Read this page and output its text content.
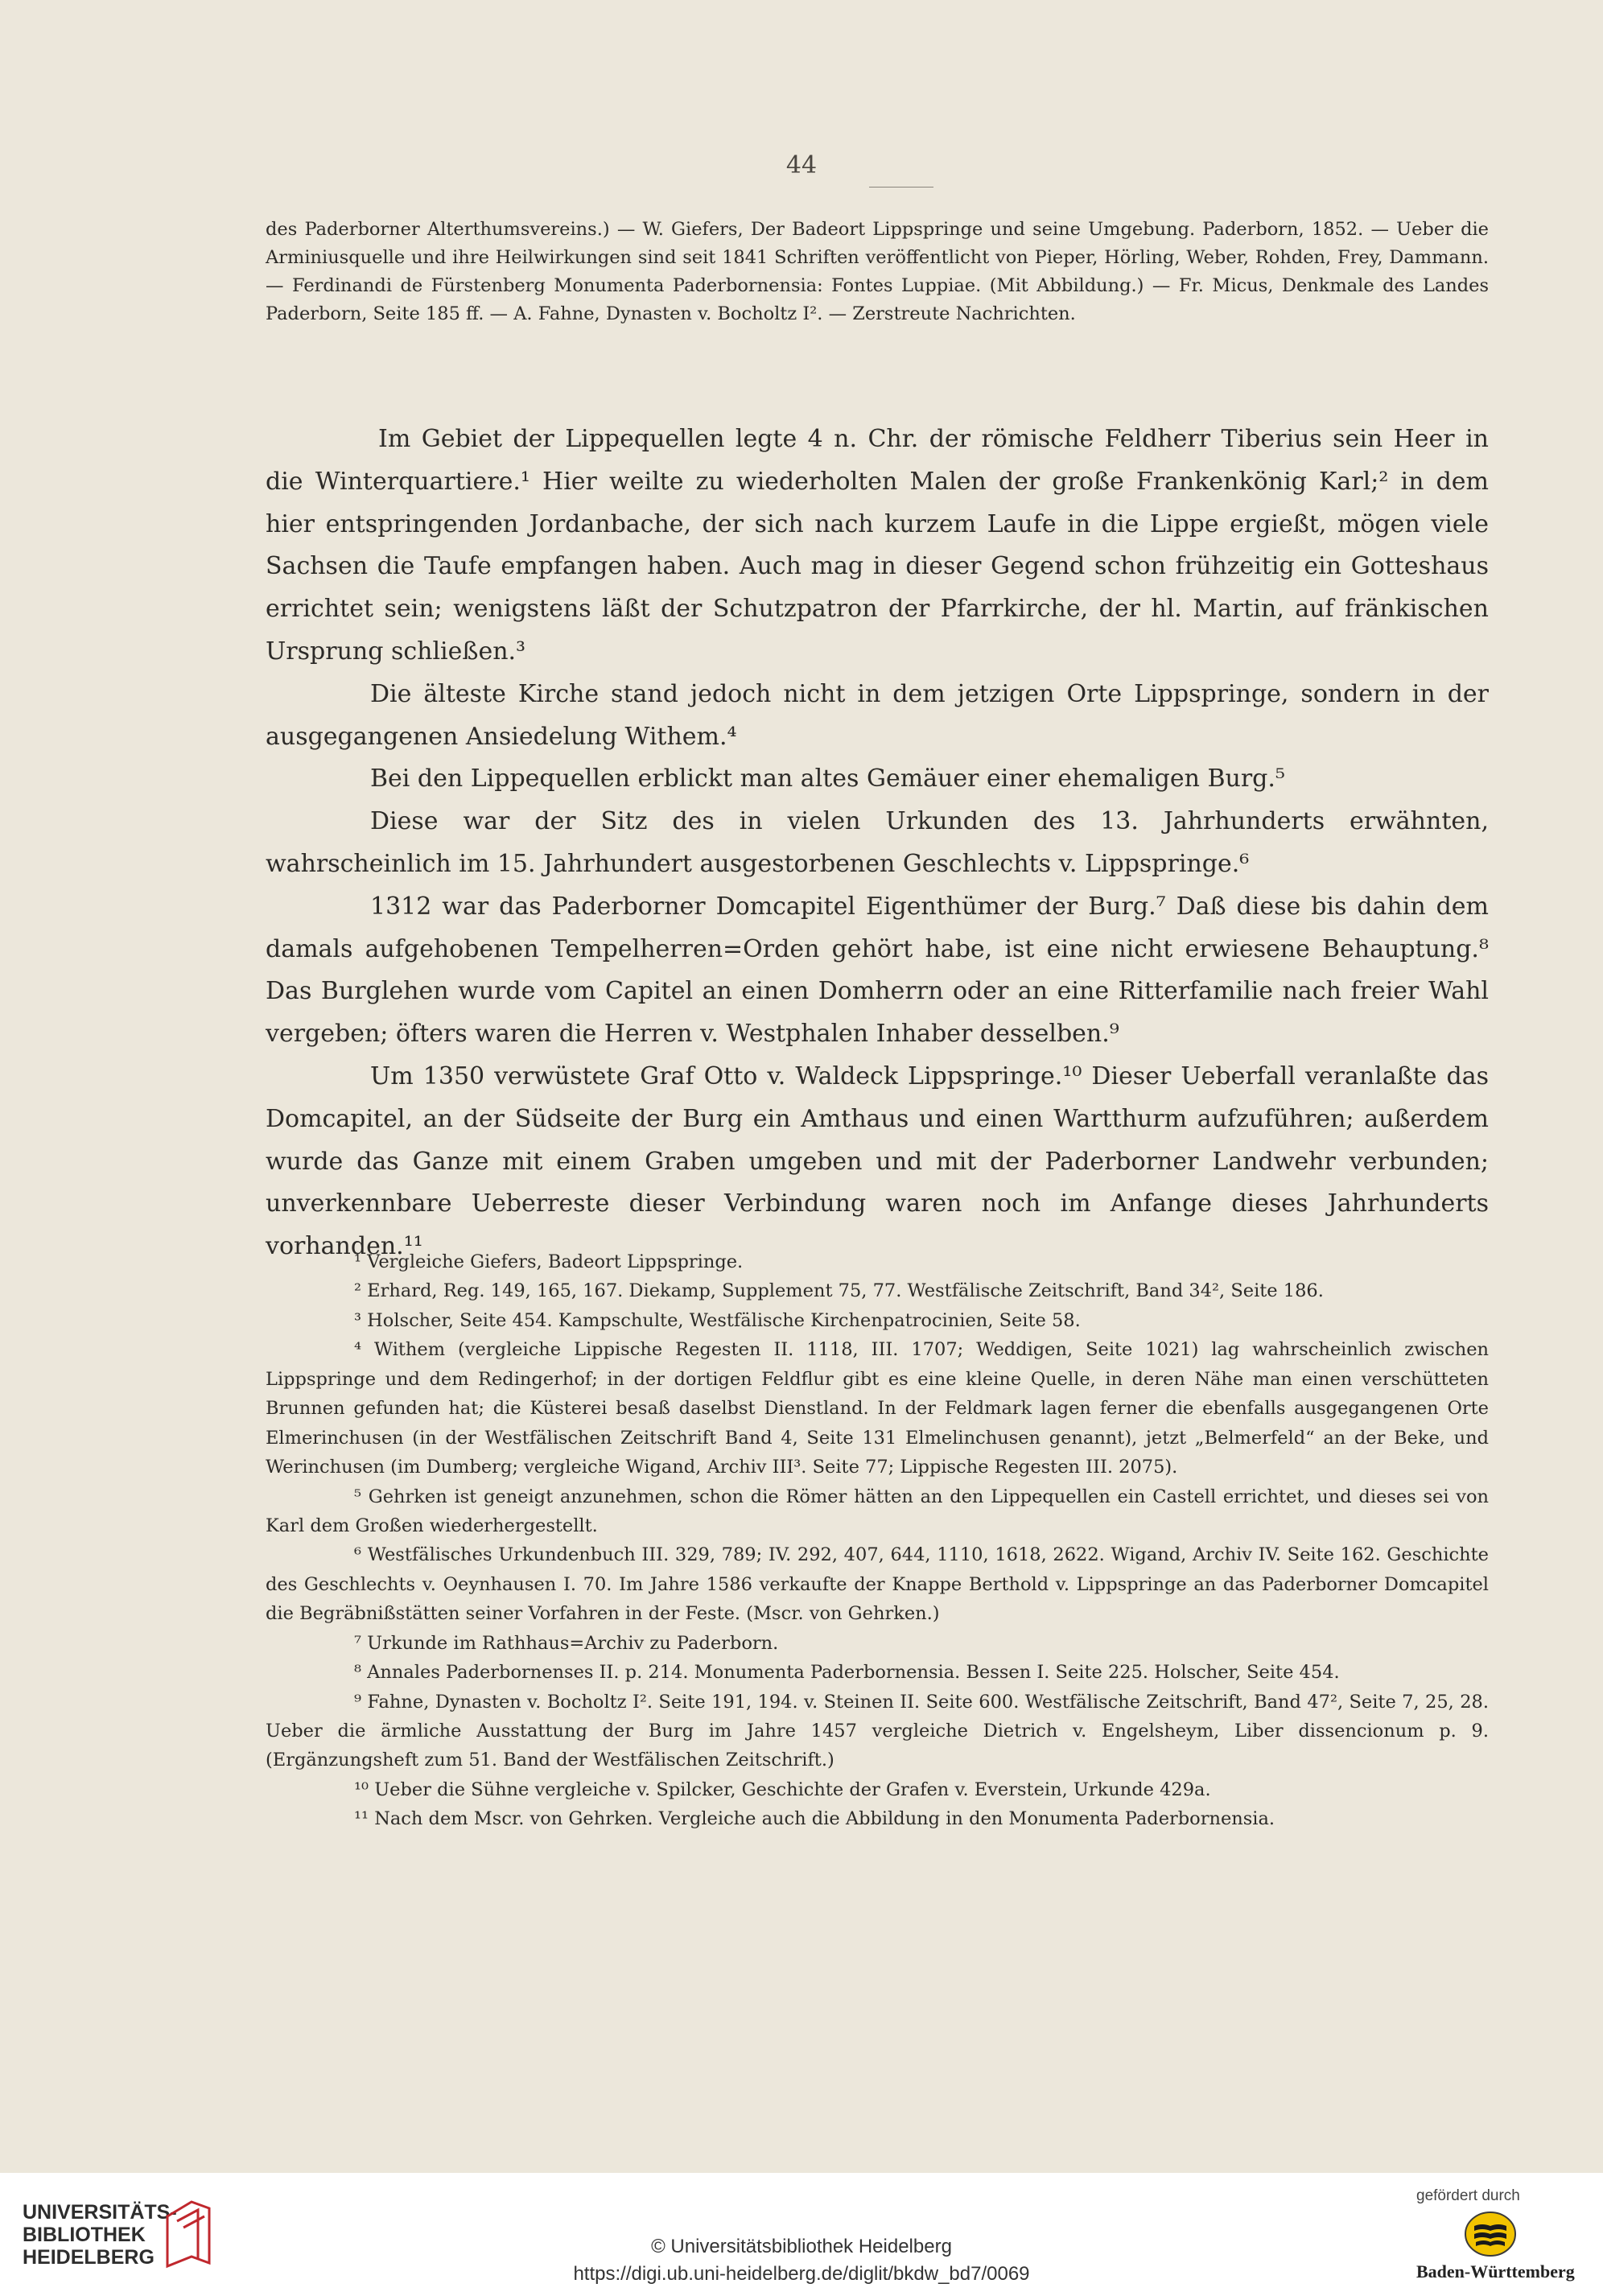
44

des Paderborner Alterthumsvereins.) — W. Giefers, Der Badeort Lippspringe und seine Umgebung. Paderborn, 1852. — Ueber die Arminiusquelle und ihre Heilwirkungen sind seit 1841 Schriften veröffentlicht von Pieper, Hörling, Weber, Rohden, Frey, Dammann. — Ferdinandi de Fürstenberg Monumenta Paderbornensia: Fontes Luppiae. (Mit Abbildung.) — Fr. Micus, Denkmale des Landes Paderborn, Seite 185 ff. — A. Fahne, Dynasten v. Bocholtz I². — Zerstreute Nachrichten.

Im Gebiet der Lippequellen legte 4 n. Chr. der römische Feldherr Tiberius sein Heer in die Winterquartiere.¹ Hier weilte zu wiederholten Malen der große Frankenkönig Karl;² in dem hier entspringenden Jordanbache, der sich nach kurzem Laufe in die Lippe ergießt, mögen viele Sachsen die Taufe empfangen haben. Auch mag in dieser Gegend schon frühzeitig ein Gotteshaus errichtet sein; wenigstens läßt der Schutzpatron der Pfarrkirche, der hl. Martin, auf fränkischen Ursprung schließen.³

Die älteste Kirche stand jedoch nicht in dem jetzigen Orte Lippspringe, sondern in der ausgegangenen Ansiedelung Withem.⁴

Bei den Lippequellen erblickt man altes Gemäuer einer ehemaligen Burg.⁵

Diese war der Sitz des in vielen Urkunden des 13. Jahrhunderts erwähnten, wahrscheinlich im 15. Jahrhundert ausgestorbenen Geschlechts v. Lippspringe.⁶

1312 war das Paderborner Domcapitel Eigenthümer der Burg.⁷ Daß diese bis dahin dem damals aufgehobenen Tempelherren=Orden gehört habe, ist eine nicht erwiesene Behauptung.⁸ Das Burglehen wurde vom Capitel an einen Domherrn oder an eine Ritterfamilie nach freier Wahl vergeben; öfters waren die Herren v. Westphalen Inhaber desselben.⁹

Um 1350 verwüstete Graf Otto v. Waldeck Lippspringe.¹⁰ Dieser Ueberfall veranlaßte das Domcapitel, an der Südseite der Burg ein Amthaus und einen Wartthurm aufzuführen; außerdem wurde das Ganze mit einem Graben umgeben und mit der Paderborner Landwehr verbunden; unverkennbare Ueberreste dieser Verbindung waren noch im Anfange dieses Jahrhunderts vorhanden.¹¹

¹ Vergleiche Giefers, Badeort Lippspringe.

² Erhard, Reg. 149, 165, 167. Diekamp, Supplement 75, 77. Westfälische Zeitschrift, Band 34², Seite 186.

³ Holscher, Seite 454. Kampschulte, Westfälische Kirchenpatrocinien, Seite 58.

⁴ Withem (vergleiche Lippische Regesten II. 1118, III. 1707; Weddigen, Seite 1021) lag wahrscheinlich zwischen Lippspringe und dem Redingerhof; in der dortigen Feldflur gibt es eine kleine Quelle, in deren Nähe man einen verschütteten Brunnen gefunden hat; die Küsterei besaß daselbst Dienstland. In der Feldmark lagen ferner die ebenfalls ausgegangenen Orte Elmerinchusen (in der Westfälischen Zeitschrift Band 4, Seite 131 Elmelinchusen genannt), jetzt „Belmerfeld“ an der Beke, und Werinchusen (im Dumberg; vergleiche Wigand, Archiv III³. Seite 77; Lippische Regesten III. 2075).

⁵ Gehrken ist geneigt anzunehmen, schon die Römer hätten an den Lippequellen ein Castell errichtet, und dieses sei von Karl dem Großen wiederhergestellt.

⁶ Westfälisches Urkundenbuch III. 329, 789; IV. 292, 407, 644, 1110, 1618, 2622. Wigand, Archiv IV. Seite 162. Geschichte des Geschlechts v. Oeynhausen I. 70. Im Jahre 1586 verkaufte der Knappe Berthold v. Lippspringe an das Paderborner Domcapitel die Begräbnißstätten seiner Vorfahren in der Feste. (Mscr. von Gehrken.)

⁷ Urkunde im Rathhaus=Archiv zu Paderborn.

⁸ Annales Paderbornenses II. p. 214. Monumenta Paderbornensia. Bessen I. Seite 225. Holscher, Seite 454.

⁹ Fahne, Dynasten v. Bocholtz I². Seite 191, 194. v. Steinen II. Seite 600. Westfälische Zeitschrift, Band 47², Seite 7, 25, 28. Ueber die ärmliche Ausstattung der Burg im Jahre 1457 vergleiche Dietrich v. Engelsheym, Liber dissencionum p. 9. (Ergänzungsheft zum 51. Band der Westfälischen Zeitschrift.)

¹⁰ Ueber die Sühne vergleiche v. Spilcker, Geschichte der Grafen v. Everstein, Urkunde 429a.

¹¹ Nach dem Mscr. von Gehrken. Vergleiche auch die Abbildung in den Monumenta Paderbornensia.

UNIVERSITÄTS-
BIBLIOTHEK
HEIDELBERG	© Universitätsbibliothek Heidelberg
https://digi.ub.uni-heidelberg.de/diglit/bkdw_bd7/0069
gefördert durch
Baden-Württemberg
